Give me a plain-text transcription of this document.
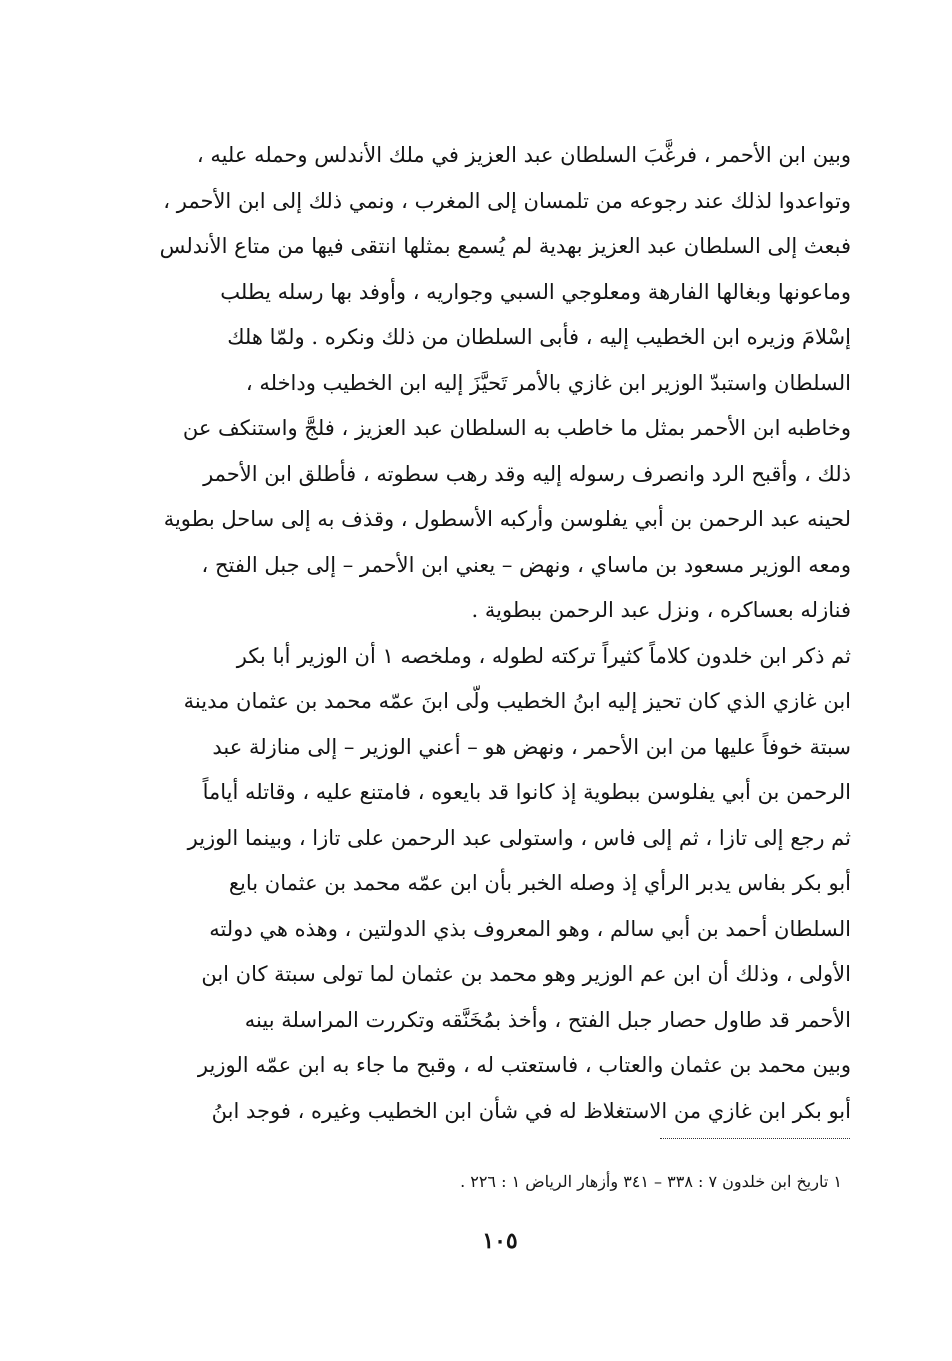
وبين ابن الأحمر ، فرغَّبَ السلطان عبد العزيز في ملك الأندلس وحمله عليه ،
وتواعدوا لذلك عند رجوعه من تلمسان إلى المغرب ، ونمي ذلك إلى ابن الأحمر ،
فبعث إلى السلطان عبد العزيز بهدية لم يُسمع بمثلها انتقى فيها من متاع الأندلس
وماعونها وبغالها الفارهة ومعلوجي السبي وجواريه ، وأوفد بها رسله يطلب
إسْلامَ وزيره ابن الخطيب إليه ، فأبى السلطان من ذلك ونكره . ولمّا هلك
السلطان واستبدّ الوزير ابن غازي بالأمر تَحيَّزَ إليه ابن الخطيب وداخله ،
وخاطبه ابن الأحمر بمثل ما خاطب به السلطان عبد العزيز ، فلجَّ واستنكف عن
ذلك ، وأقبح الرد وانصرف رسوله إليه وقد رهب سطوته ، فأطلق ابن الأحمر
لحينه عبد الرحمن بن أبي يفلوسن وأركبه الأسطول ، وقذف به إلى ساحل بطوية
ومعه الوزير مسعود بن ماساي ، ونهض – يعني ابن الأحمر – إلى جبل الفتح ،
فنازله بعساكره ، ونزل عبد الرحمن ببطوية .
ثم ذكر ابن خلدون كلاماً كثيراً تركته لطوله ، وملخصه ١ أن الوزير أبا بكر
ابن غازي الذي كان تحيز إليه ابنُ الخطيب ولّى ابنَ عمّه محمد بن عثمان مدينة
سبتة خوفاً عليها من ابن الأحمر ، ونهض هو – أعني الوزير – إلى منازلة عبد
الرحمن بن أبي يفلوسن ببطوية إذ كانوا قد بايعوه ، فامتنع عليه ، وقاتله أياماً
ثم رجع إلى تازا ، ثم إلى فاس ، واستولى عبد الرحمن على تازا ، وبينما الوزير
أبو بكر بفاس يدبر الرأي إذ وصله الخبر بأن ابن عمّه محمد بن عثمان بايع
السلطان أحمد بن أبي سالم ، وهو المعروف بذي الدولتين ، وهذه هي دولته
الأولى ، وذلك أن ابن عم الوزير وهو محمد بن عثمان لما تولى سبتة كان ابن
الأحمر قد طاول حصار جبل الفتح ، وأخذ بمُخَنَّقه وتكررت المراسلة بينه
وبين محمد بن عثمان والعتاب ، فاستعتب له ، وقبح ما جاء به ابن عمّه الوزير
أبو بكر ابن غازي من الاستغلاظ له في شأن ابن الخطيب وغيره ، فوجد ابنُ
١ تاريخ ابن خلدون ٧ : ٣٣٨ – ٣٤١ وأزهار الرياض ١ : ٢٢٦ .
١٠٥
